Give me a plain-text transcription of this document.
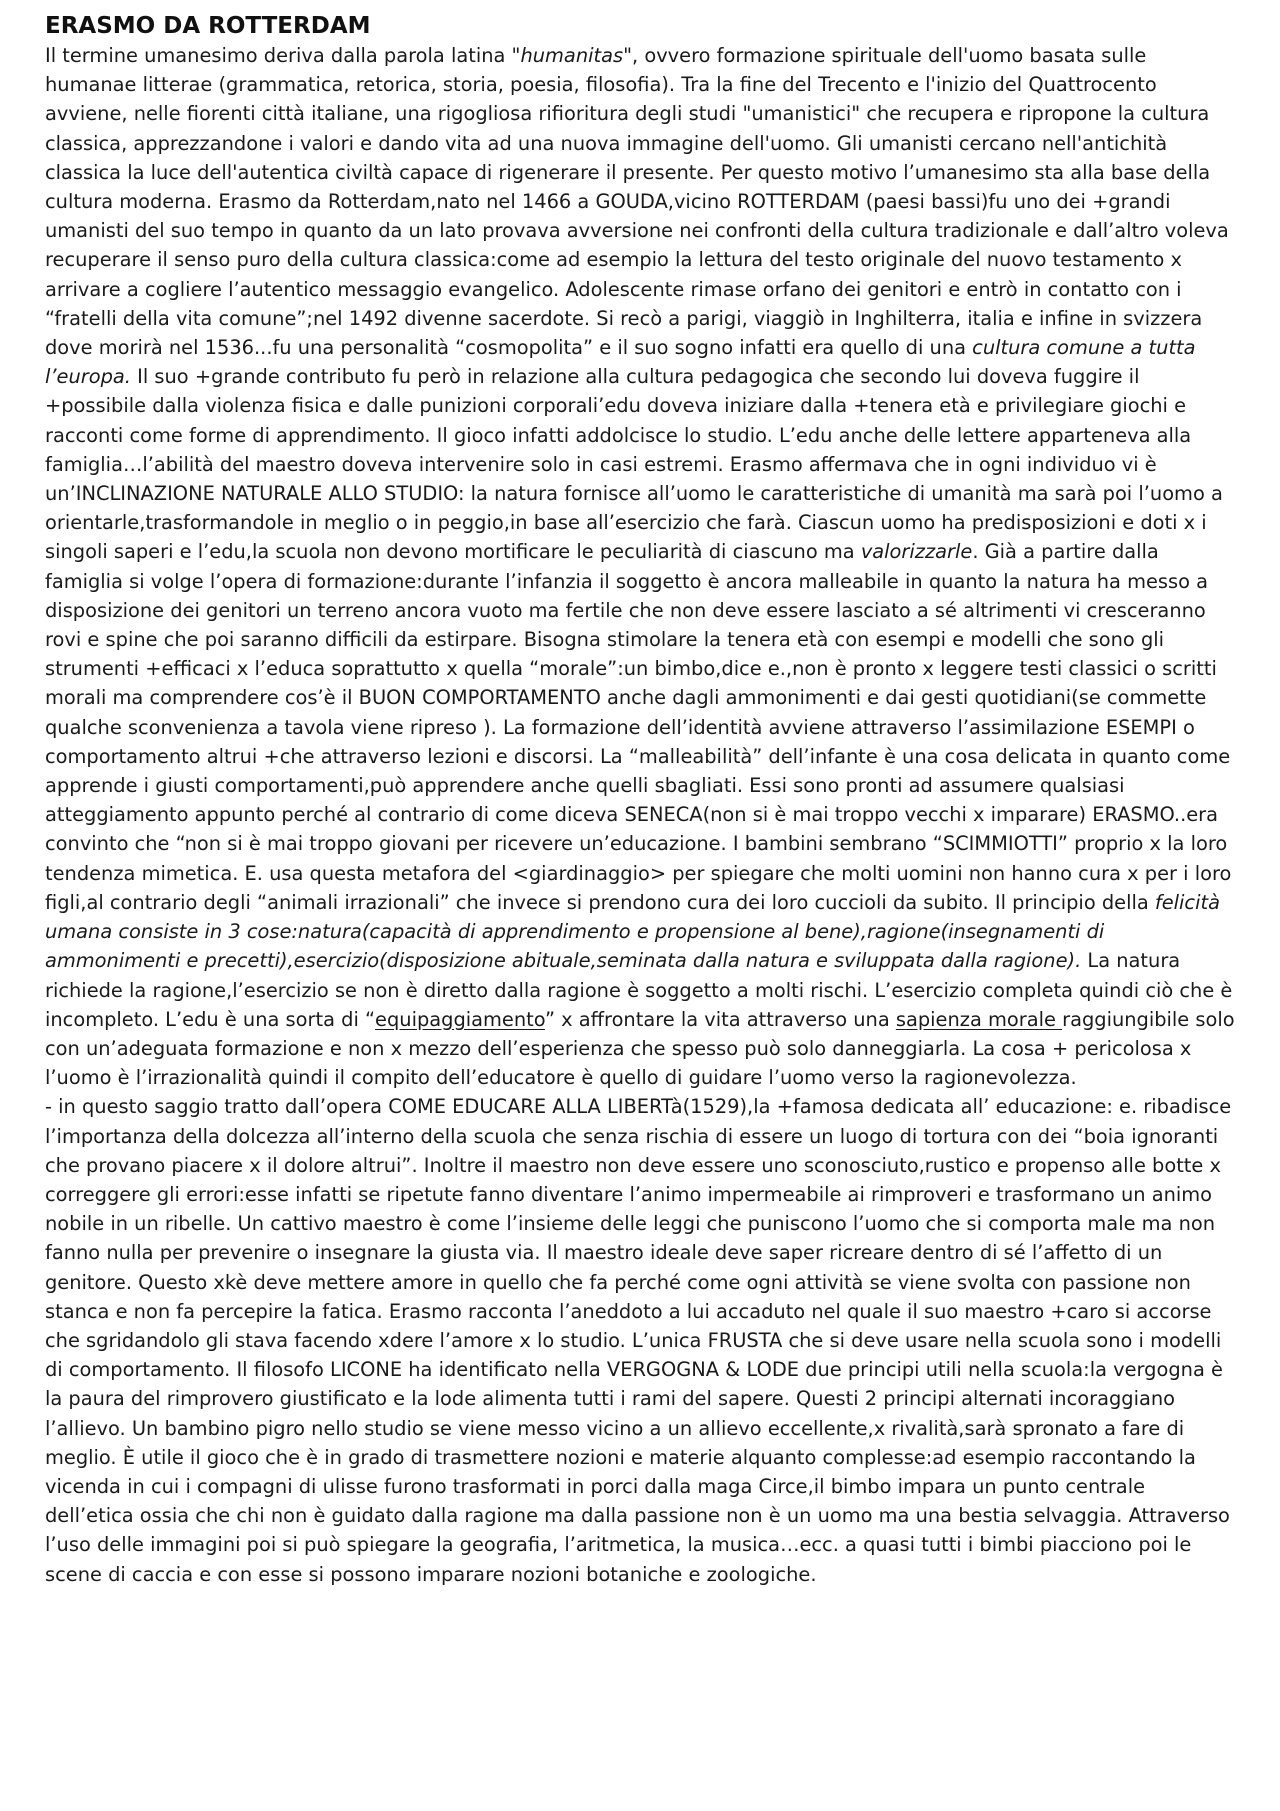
ERASMO DA ROTTERDAM

Il termine umanesimo deriva dalla parola latina "humanitas", ovvero formazione spirituale dell'uomo basata sulle humanae litterae (grammatica, retorica, storia, poesia, filosofia). Tra la fine del Trecento e l'inizio del Quattrocento avviene, nelle fiorenti città italiane, una rigogliosa rifioritura degli studi "umanistici" che recupera e ripropone la cultura classica, apprezzandone i valori e dando vita ad una nuova immagine dell'uomo. Gli umanisti cercano nell'antichità classica la luce dell'autentica civiltà capace di rigenerare il presente. Per questo motivo l’umanesimo sta alla base della cultura moderna. Erasmo da Rotterdam,nato nel 1466 a GOUDA,vicino ROTTERDAM (paesi bassi)fu uno dei +grandi umanisti del suo tempo in quanto da un lato provava avversione nei confronti della cultura tradizionale e dall’altro voleva recuperare il senso puro della cultura classica:come ad esempio la lettura del testo originale del nuovo testamento x arrivare a cogliere l’autentico messaggio evangelico. Adolescente rimase orfano dei genitori e entrò in contatto con i “fratelli della vita comune”;nel 1492 divenne sacerdote. Si recò a parigi, viaggiò in Inghilterra, italia e infine in svizzera dove morirà nel 1536...fu una personalità “cosmopolita” e il suo sogno infatti era quello di una cultura comune a tutta l’europa. Il suo +grande contributo fu però in relazione alla cultura pedagogica che secondo lui doveva fuggire il +possibile dalla violenza fisica e dalle punizioni corporali’edu doveva iniziare dalla +tenera età e privilegiare giochi e racconti come forme di apprendimento. Il gioco infatti addolcisce lo studio. L’edu anche delle lettere apparteneva alla famiglia…l’abilità del maestro doveva intervenire solo in casi estremi. Erasmo affermava che in ogni individuo vi è un’INCLINAZIONE NATURALE ALLO STUDIO: la natura fornisce all’uomo le caratteristiche di umanità ma sarà poi l’uomo a orientarle,trasformandole in meglio o in peggio,in base all’esercizio che farà. Ciascun uomo ha predisposizioni e doti x i singoli saperi e l’edu,la scuola non devono mortificare le peculiarità di ciascuno ma valorizzarle. Già a partire dalla famiglia si volge l’opera di formazione:durante l’infanzia il soggetto è ancora malleabile in quanto la natura ha messo a disposizione dei genitori un terreno ancora vuoto ma fertile che non deve essere lasciato a sé altrimenti vi cresceranno rovi e spine che poi saranno difficili da estirpare. Bisogna stimolare la tenera età con esempi e modelli che sono gli strumenti +efficaci x l’educa soprattutto x quella “morale”:un bimbo,dice e.,non è pronto x leggere testi classici o scritti morali ma comprendere cos’è il BUON COMPORTAMENTO anche dagli ammonimenti e dai gesti quotidiani(se commette qualche sconvenienza a tavola viene ripreso ). La formazione dell’identità avviene attraverso l’assimilazione ESEMPI o comportamento altrui +che attraverso lezioni e discorsi. La “malleabilità” dell’infante è una cosa delicata in quanto come apprende i giusti comportamenti,può apprendere anche quelli sbagliati. Essi sono pronti ad assumere qualsiasi atteggiamento appunto perché al contrario di come diceva SENECA(non si è mai troppo vecchi x imparare) ERASMO..era convinto che “non si è mai troppo giovani per ricevere un’educazione. I bambini sembrano “SCIMMIOTTI” proprio x la loro tendenza mimetica. E. usa questa metafora del <giardinaggio> per spiegare che molti uomini non hanno cura x per i loro figli,al contrario degli “animali irrazionali” che invece si prendono cura dei loro cuccioli da subito. Il principio della felicità umana consiste in 3 cose:natura(capacità di apprendimento e propensione al bene),ragione(insegnamenti di ammonimenti e precetti),esercizio(disposizione abituale,seminata dalla natura e sviluppata dalla ragione). La natura richiede la ragione,l’esercizio se non è diretto dalla ragione è soggetto a molti rischi. L’esercizio completa quindi ciò che è incompleto. L’edu è una sorta di “equipaggiamento” x affrontare la vita attraverso una sapienza morale raggiungibile solo con un’adeguata formazione e non x mezzo dell’esperienza che spesso può solo danneggiarla. La cosa + pericolosa x l’uomo è l’irrazionalità quindi il compito dell’educatore è quello di guidare l’uomo verso la ragionevolezza.

- in questo saggio tratto dall’opera COME EDUCARE ALLA LIBERTà(1529),la +famosa dedicata all’ educazione: e. ribadisce l’importanza della dolcezza all’interno della scuola che senza rischia di essere un luogo di tortura con dei “boia ignoranti che provano piacere x il dolore altrui”. Inoltre il maestro non deve essere uno sconosciuto,rustico e propenso alle botte x correggere gli errori:esse infatti se ripetute fanno diventare l’animo impermeabile ai rimproveri e trasformano un animo nobile in un ribelle. Un cattivo maestro è come l’insieme delle leggi che puniscono l’uomo che si comporta male ma non fanno nulla per prevenire o insegnare la giusta via. Il maestro ideale deve saper ricreare dentro di sé l’affetto di un genitore. Questo xkè deve mettere amore in quello che fa perché come ogni attività se viene svolta con passione non stanca e non fa percepire la fatica. Erasmo racconta l’aneddoto a lui accaduto nel quale il suo maestro +caro si accorse che sgridandolo gli stava facendo xdere l’amore x lo studio. L’unica FRUSTA che si deve usare nella scuola sono i modelli di comportamento. Il filosofo LICONE ha identificato nella VERGOGNA & LODE due principi utili nella scuola:la vergogna è la paura del rimprovero giustificato e la lode alimenta tutti i rami del sapere. Questi 2 principi alternati incoraggiano l’allievo. Un bambino pigro nello studio se viene messo vicino a un allievo eccellente,x rivalità,sarà spronato a fare di meglio. È utile il gioco che è in grado di trasmettere nozioni e materie alquanto complesse:ad esempio raccontando la vicenda in cui i compagni di ulisse furono trasformati in porci dalla maga Circe,il bimbo impara un punto centrale dell’etica ossia che chi non è guidato dalla ragione ma dalla passione non è un uomo ma una bestia selvaggia. Attraverso l’uso delle immagini poi si può spiegare la geografia, l’aritmetica, la musica…ecc. a quasi tutti i bimbi piacciono poi le scene di caccia e con esse si possono imparare nozioni botaniche e zoologiche.
